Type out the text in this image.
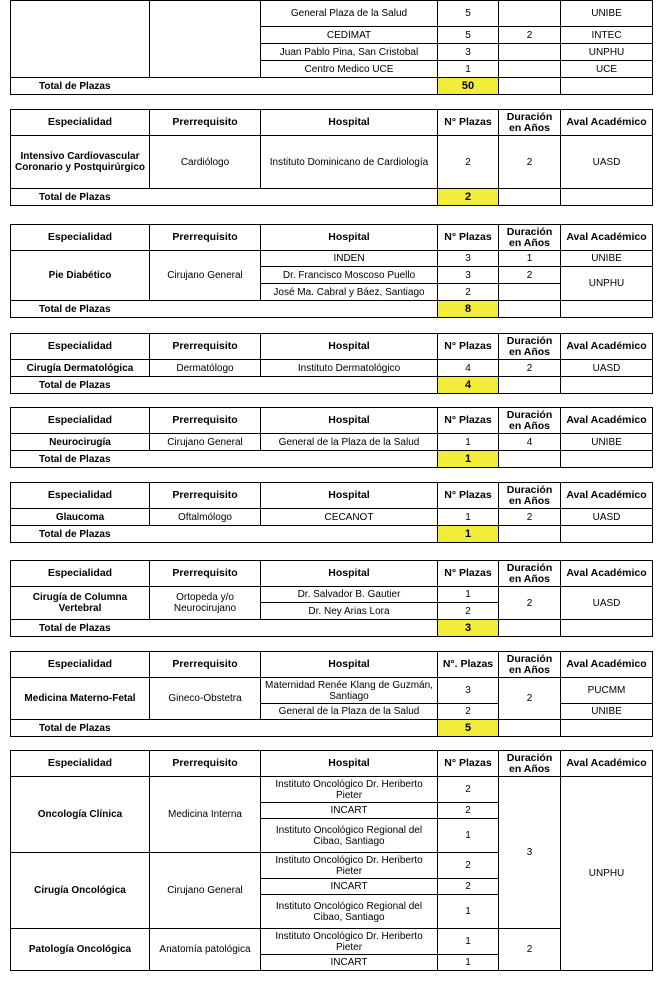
		General Plaza de la Salud	5		UNIBE
		CEDIMAT	5	2	INTEC
		Juan Pablo Pina, San Cristobal	3		UNPHU
		Centro Medico UCE	1		UCE
Total de Plazas			50		
Especialidad	Prerrequisito	Hospital	N° Plazas	Duración en Años	Aval Académico
Intensivo Cardiovascular Coronario y Postquirúrgico	Cardiólogo	Instituto Dominicano de Cardiología	2	2	UASD
Total de Plazas			2		
Especialidad	Prerrequisito	Hospital	N° Plazas	Duración en Años	Aval Académico
Pie Diabético	Cirujano General	INDEN	3	1	UNIBE
		Dr. Francisco Moscoso Puello	3	2	UNPHU
		José Ma. Cabral y Báez, Santiago	2		
Total de Plazas			8		
Especialidad	Prerrequisito	Hospital	N° Plazas	Duración en Años	Aval Académico
Cirugía Dermatológica	Dermatólogo	Instituto Dermatológico	4	2	UASD
Total de Plazas			4		
Especialidad	Prerrequisito	Hospital	N° Plazas	Duración en Años	Aval Académico
Neurocirugía	Cirujano General	General de la Plaza de la Salud	1	4	UNIBE
Total de Plazas			1		
Especialidad	Prerrequisito	Hospital	N° Plazas	Duración en Años	Aval Académico
Glaucoma	Oftalmólogo	CECANOT	1	2	UASD
Total de Plazas			1		
Especialidad	Prerrequisito	Hospital	N° Plazas	Duración en Años	Aval Académico
Cirugía de Columna Vertebral	Ortopeda y/o Neurocirujano	Dr. Salvador B. Gautier	1	2	UASD
		Dr. Ney Arias Lora	2		
Total de Plazas			3		
Especialidad	Prerrequisito	Hospital	N°. Plazas	Duración en Años	Aval Académico
Medicina Materno-Fetal	Gineco-Obstetra	Maternidad Renée Klang de Guzmán, Santiago	3	2	PUCMM
		General de la Plaza de la Salud	2		UNIBE
Total de Plazas			5		
Especialidad	Prerrequisito	Hospital	N° Plazas	Duración en Años	Aval Académico
Oncología Clínica	Medicina Interna	Instituto Oncológico Dr. Heriberto Pieter	2	3	UNPHU
		INCART	2		
		Instituto Oncológico Regional del Cibao, Santiago	1		
Cirugía Oncológica	Cirujano General	Instituto Oncológico Dr. Heriberto Pieter	2		
		INCART	2		
		Instituto Oncológico Regional del Cibao, Santiago	1		
Patología Oncológica	Anatomía patológica	Instituto Oncológico Dr. Heriberto Pieter	1	2	
		INCART	1		
